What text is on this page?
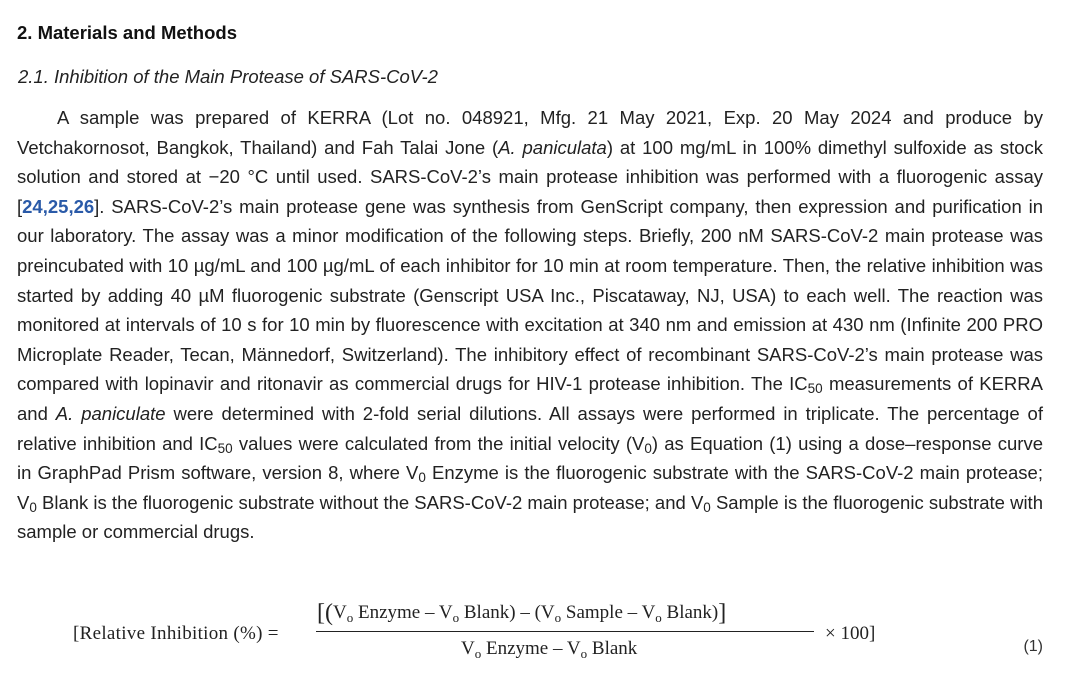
2. Materials and Methods
2.1. Inhibition of the Main Protease of SARS-CoV-2

A sample was prepared of KERRA (Lot no. 048921, Mfg. 21 May 2021, Exp. 20 May 2024 and produce by Vetchakornosot, Bangkok, Thailand) and Fah Talai Jone (A. paniculata) at 100 mg/mL in 100% dimethyl sulfoxide as stock solution and stored at −20 °C until used. SARS-CoV-2’s main protease inhibition was performed with a fluorogenic assay [24,25,26]. SARS-CoV-2’s main protease gene was synthesis from GenScript company, then expression and purification in our laboratory. The assay was a minor modification of the following steps. Briefly, 200 nM SARS-CoV-2 main protease was preincubated with 10 µg/mL and 100 µg/mL of each inhibitor for 10 min at room temperature. Then, the relative inhibition was started by adding 40 µM fluorogenic substrate (Genscript USA Inc., Piscataway, NJ, USA) to each well. The reaction was monitored at intervals of 10 s for 10 min by fluorescence with excitation at 340 nm and emission at 430 nm (Infinite 200 PRO Microplate Reader, Tecan, Männedorf, Switzerland). The inhibitory effect of recombinant SARS-CoV-2’s main protease was compared with lopinavir and ritonavir as commercial drugs for HIV-1 protease inhibition. The $IC_{50}$ measurements of KERRA and A. paniculate were determined with 2-fold serial dilutions. All assays were performed in triplicate. The percentage of relative inhibition and $IC_{50}$ values were calculated from the initial velocity $(V_0)$ as Equation (1) using a dose–response curve in GraphPad Prism software, version 8, where $V_0$ Enzyme is the fluorogenic substrate with the SARS-CoV-2 main protease; $V_0$ Blank is the fluorogenic substrate without the SARS-CoV-2 main protease; and $V_0$ Sample is the fluorogenic substrate with sample or commercial drugs.

[Relative Inhibition (%) =
[($V_o$ Enzyme – $V_o$ Blank) – ($V_o$ Sample – $V_o$ Blank)]
$V_o$ Enzyme – $V_o$ Blank
× 100]
(1)
